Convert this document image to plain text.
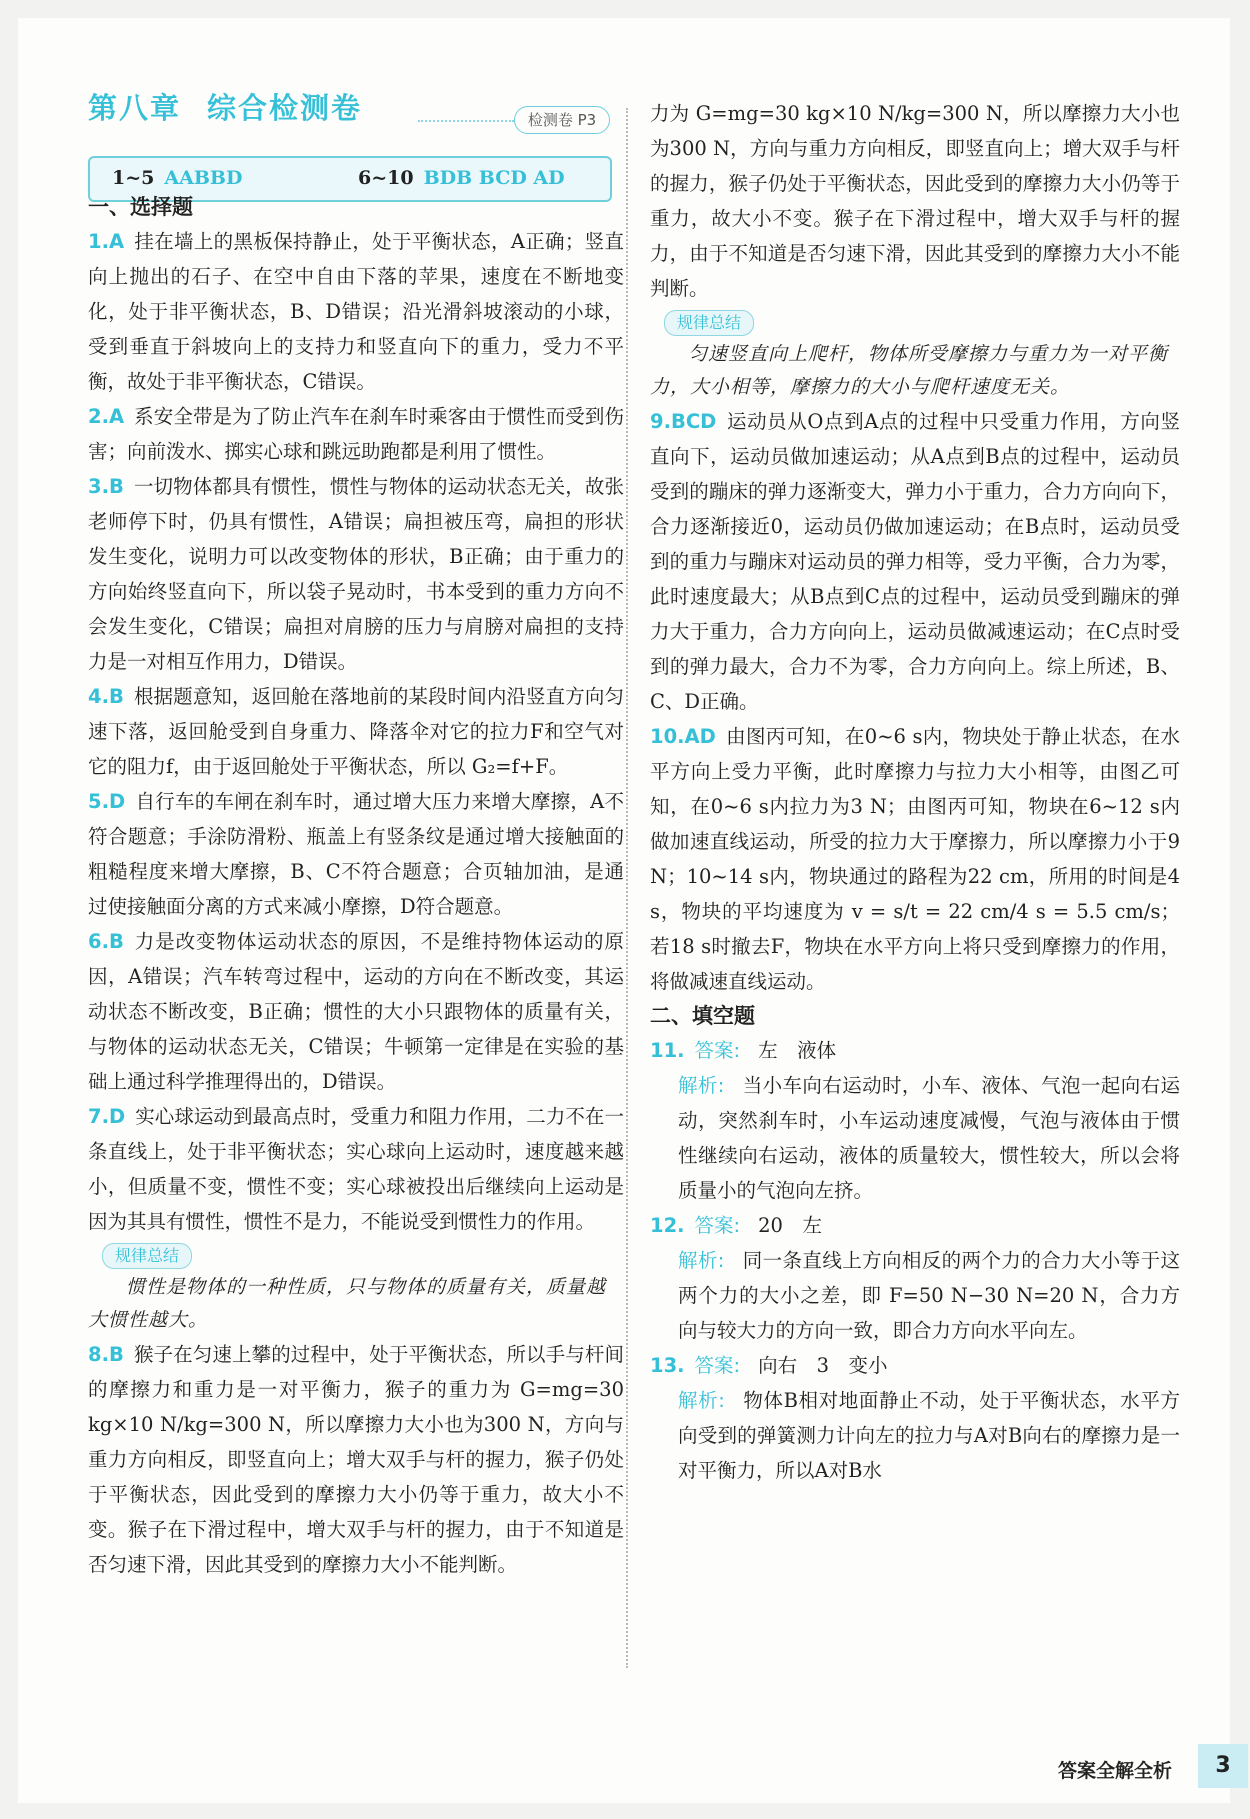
第八章 综合检测卷	检测卷 P3
1~5 AABBD	6~10 BDB BCD AD
一、选择题
1.A 挂在墙上的黑板保持静止，处于平衡状态，A正确；竖直向上抛出的石子、在空中自由下落的苹果，速度在不断地变化，处于非平衡状态，B、D错误；沿光滑斜坡滚动的小球，受到垂直于斜坡向上的支持力和竖直向下的重力，受力不平衡，故处于非平衡状态，C错误。
2.A 系安全带是为了防止汽车在刹车时乘客由于惯性而受到伤害；向前泼水、掷实心球和跳远助跑都是利用了惯性。
3.B 一切物体都具有惯性，惯性与物体的运动状态无关，故张老师停下时，仍具有惯性，A错误；扁担被压弯，扁担的形状发生变化，说明力可以改变物体的形状，B正确；由于重力的方向始终竖直向下，所以袋子晃动时，书本受到的重力方向不会发生变化，C错误；扁担对肩膀的压力与肩膀对扁担的支持力是一对相互作用力，D错误。
4.B 根据题意知，返回舱在落地前的某段时间内沿竖直方向匀速下落，返回舱受到自身重力、降落伞对它的拉力F和空气对它的阻力f，由于返回舱处于平衡状态，所以 G₂=f+F。
5.D 自行车的车闸在刹车时，通过增大压力来增大摩擦，A不符合题意；手涂防滑粉、瓶盖上有竖条纹是通过增大接触面的粗糙程度来增大摩擦，B、C不符合题意；合页轴加油，是通过使接触面分离的方式来减小摩擦，D符合题意。
6.B 力是改变物体运动状态的原因，不是维持物体运动的原因，A错误；汽车转弯过程中，运动的方向在不断改变，其运动状态不断改变，B正确；惯性的大小只跟物体的质量有关，与物体的运动状态无关，C错误；牛顿第一定律是在实验的基础上通过科学推理得出的，D错误。
7.D 实心球运动到最高点时，受重力和阻力作用，二力不在一条直线上，处于非平衡状态；实心球向上运动时，速度越来越小，但质量不变，惯性不变；实心球被投出后继续向上运动是因为其具有惯性，惯性不是力，不能说受到惯性力的作用。
规律总结
惯性是物体的一种性质，只与物体的质量有关，质量越大惯性越大。
8.B 猴子在匀速上攀的过程中，处于平衡状态，所以手与杆间的摩擦力和重力是一对平衡力，猴子的重力为 G=mg=30 kg×10 N/kg=300 N，所以摩擦力大小也为300 N，方向与重力方向相反，即竖直向上；增大双手与杆的握力，猴子仍处于平衡状态，因此受到的摩擦力大小仍等于重力，故大小不变。猴子在下滑过程中，增大双手与杆的握力，由于不知道是否匀速下滑，因此其受到的摩擦力大小不能判断。
力为 G=mg=30 kg×10 N/kg=300 N，所以摩擦力大小也为300 N，方向与重力方向相反，即竖直向上；增大双手与杆的握力，猴子仍处于平衡状态，因此受到的摩擦力大小仍等于重力，故大小不变。猴子在下滑过程中，增大双手与杆的握力，由于不知道是否匀速下滑，因此其受到的摩擦力大小不能判断。
规律总结
匀速竖直向上爬杆，物体所受摩擦力与重力为一对平衡力，大小相等，摩擦力的大小与爬杆速度无关。
9.BCD 运动员从O点到A点的过程中只受重力作用，方向竖直向下，运动员做加速运动；从A点到B点的过程中，运动员受到的蹦床的弹力逐渐变大，弹力小于重力，合力方向向下，合力逐渐接近0，运动员仍做加速运动；在B点时，运动员受到的重力与蹦床对运动员的弹力相等，受力平衡，合力为零，此时速度最大；从B点到C点的过程中，运动员受到蹦床的弹力大于重力，合力方向向上，运动员做减速运动；在C点时受到的弹力最大，合力不为零，合力方向向上。综上所述，B、C、D正确。
10.AD 由图丙可知，在0~6 s内，物块处于静止状态，在水平方向上受力平衡，此时摩擦力与拉力大小相等，由图乙可知，在0~6 s内拉力为3 N；由图丙可知，物块在6~12 s内做加速直线运动，所受的拉力大于摩擦力，所以摩擦力小于9 N；10~14 s内，物块通过的路程为22 cm，所用的时间是4 s，物块的平均速度为 v = s/t = 22 cm/4 s = 5.5 cm/s；若18 s时撤去F，物块在水平方向上将只受到摩擦力的作用，将做减速直线运动。
二、填空题
11. 答案: 左　液体
解析: 当小车向右运动时，小车、液体、气泡一起向右运动，突然刹车时，小车运动速度减慢，气泡与液体由于惯性继续向右运动，液体的质量较大，惯性较大，所以会将质量小的气泡向左挤。
12. 答案: 20　左
解析: 同一条直线上方向相反的两个力的合力大小等于这两个力的大小之差，即 F=50 N−30 N=20 N，合力方向与较大力的方向一致，即合力方向水平向左。
13. 答案: 向右　3　变小
解析: 物体B相对地面静止不动，处于平衡状态，水平方向受到的弹簧测力计向左的拉力与A对B向右的摩擦力是一对平衡力，所以A对B水
答案全解全析	3
